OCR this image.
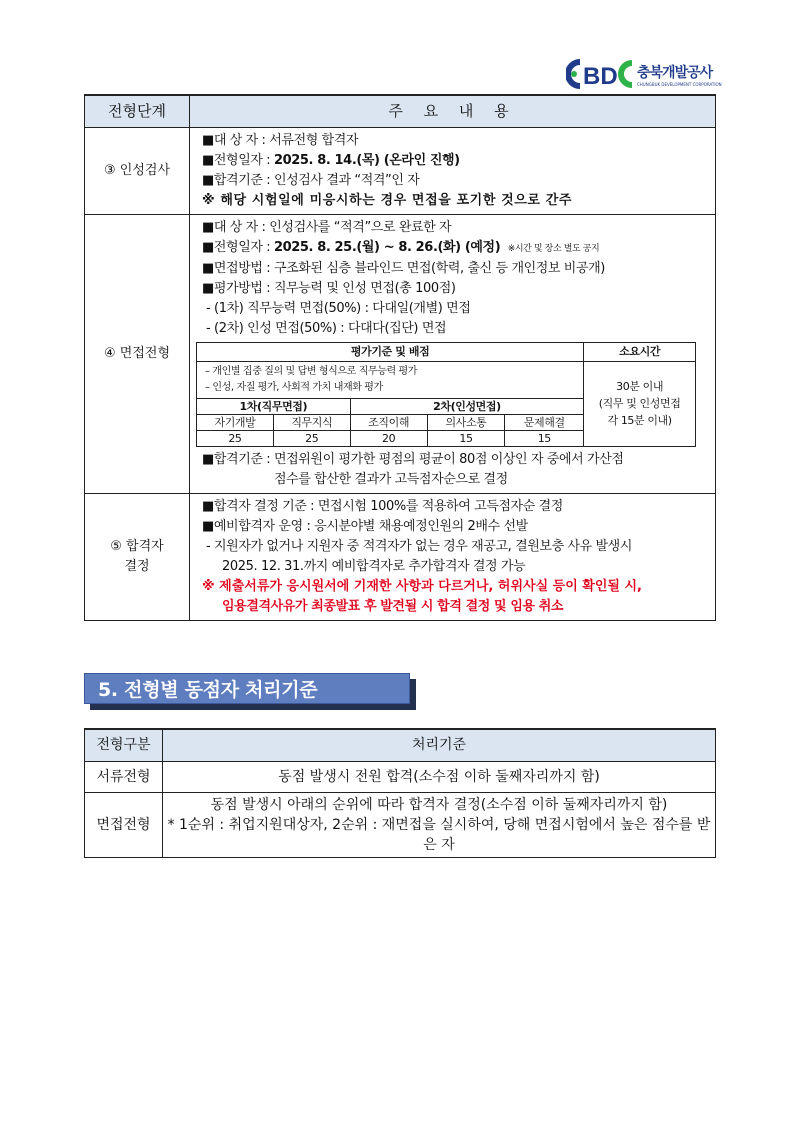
BD 충북개발공사
CHUNGBUK DEVELOPMENT CORPORATION
전형단계	주 요 내 용
③ 인성검사	
■대 상 자 : 서류전형 합격자
■전형일자 : 2025. 8. 14.(목) (온라인 진행)
■합격기준 : 인성검사 결과 “적격”인 자
※ 해당 시험일에 미응시하는 경우 면접을 포기한 것으로 간주

④ 면접전형	
■대 상 자 : 인성검사를 “적격”으로 완료한 자
■전형일자 : 2025. 8. 25.(월) ~ 8. 26.(화) (예정) ※시간 및 장소 별도 공지
■면접방법 : 구조화된 심층 블라인드 면접(학력, 출신 등 개인정보 비공개)
■평가방법 : 직무능력 및 인성 면접(총 100점)
- (1차) 직무능력 면접(50%) : 다대일(개별) 면접
- (2차) 인성 면접(50%) : 다대다(집단) 면접
평가기준 및 배점	소요시간

– 개인별 집중 질의 및 답변 형식으로 직무능력 평가
– 인성, 자질 평가, 사회적 가치 내재화 평가	30분 이내
(직무 및 인성면접
각 15분 이내)

1차(직무면접)	2차(인성면접)
자기개발	직무지식	조직이해	의사소통	문제해결
25	25	20	15	15
■합격기준 : 면접위원이 평가한 평점의 평균이 80점 이상인 자 중에서 가산점
점수를 합산한 결과가 고득점자순으로 결정

⑤ 합격자
결정

■합격자 결정 기준 : 면접시험 100%를 적용하여 고득점자순 결정
■예비합격자 운영 : 응시분야별 채용예정인원의 2배수 선발
- 지원자가 없거나 지원자 중 적격자가 없는 경우 재공고, 결원보충 사유 발생시
2025. 12. 31.까지 예비합격자로 추가합격자 결정 가능
※ 제출서류가 응시원서에 기재한 사항과 다르거나, 허위사실 등이 확인될 시,
임용결격사유가 최종발표 후 발견될 시 합격 결정 및 임용 취소
5. 전형별 동점자 처리기준
전형구분	처리기준
서류전형	동점 발생시 전원 합격(소수점 이하 둘째자리까지 함)
면접전형	동점 발생시 아래의 순위에 따라 합격자 결정(소수점 이하 둘째자리까지 함)
* 1순위 : 취업지원대상자, 2순위 : 재면접을 실시하여, 당해 면접시험에서 높은 점수를 받은 자
